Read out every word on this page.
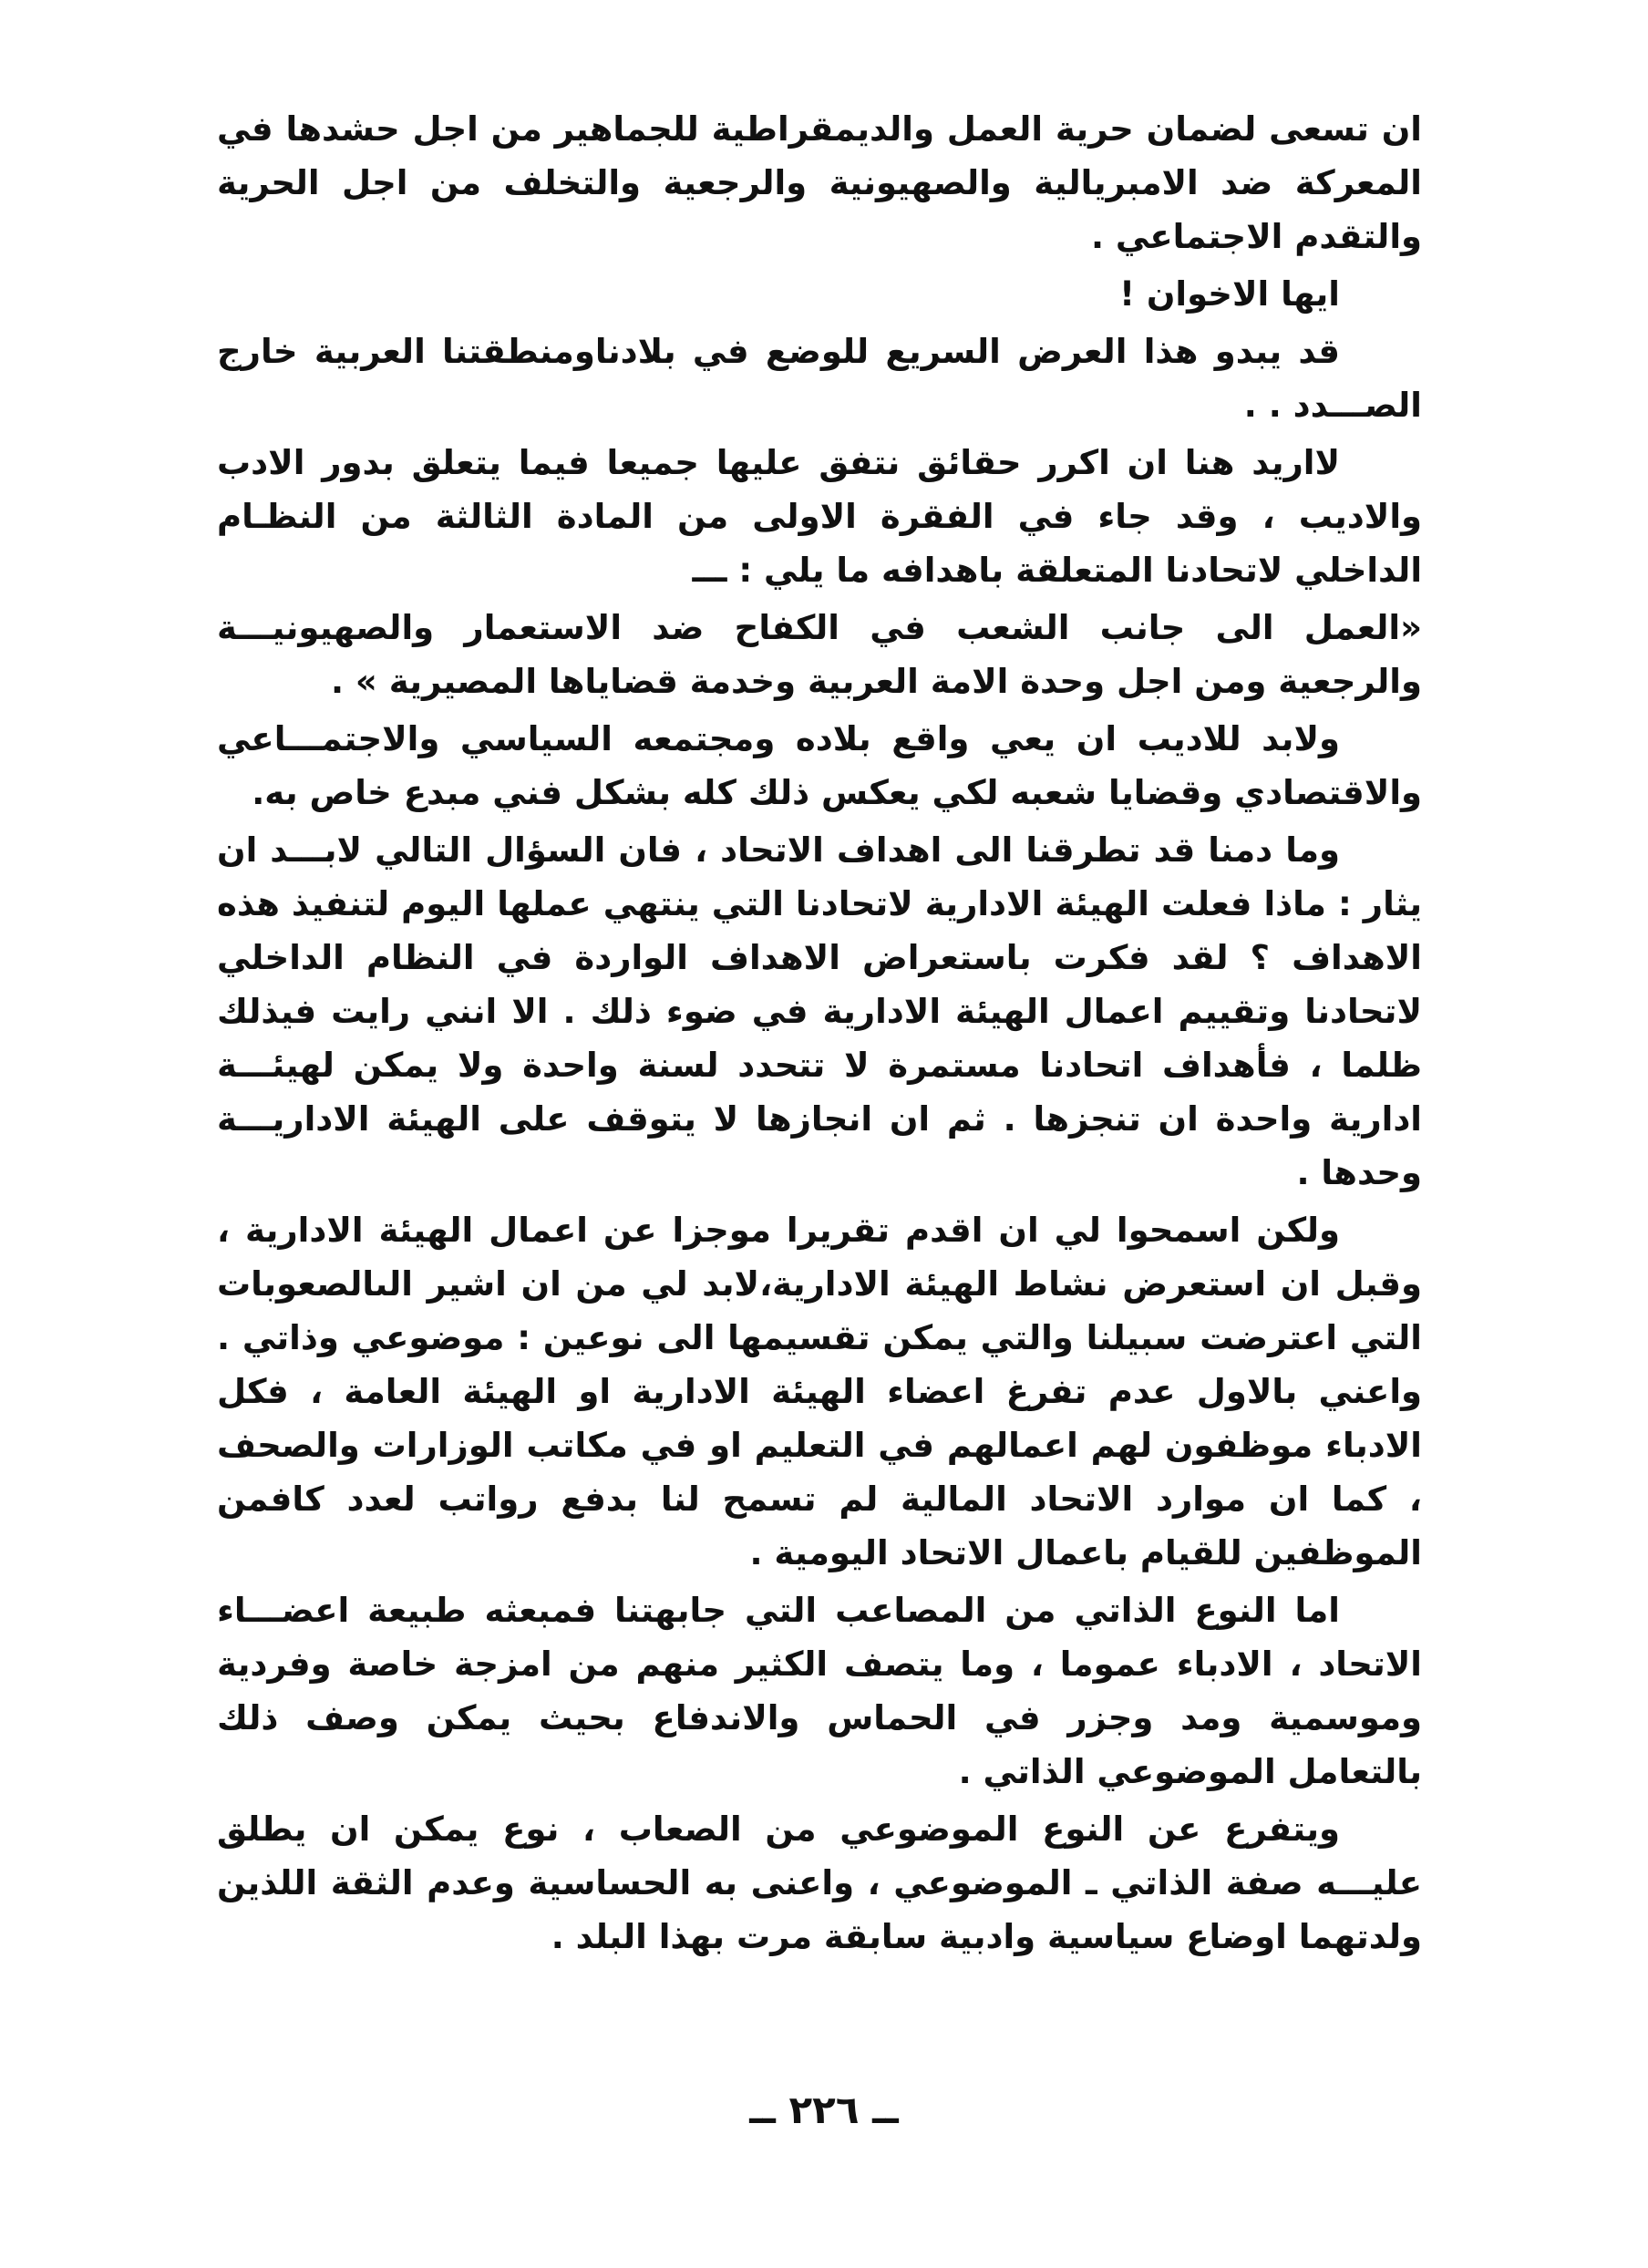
ان تسعى لضمان حرية العمل والديمقراطية للجماهير من اجل حشدها في المعركة ضد الامبريالية والصهيونية والرجعية والتخلف من اجل الحرية والتقدم الاجتماعي .

ايها الاخوان !

قد يبدو هذا العرض السريع للوضع في بلادناومنطقتنا العربية خارج الصـــدد . .

لااريد هنا ان اكرر حقائق نتفق عليها جميعا فيما يتعلق بدور الادب والاديب ، وقد جاء في الفقرة الاولى من المادة الثالثة من النظـام الداخلي لاتحادنا المتعلقة باهدافه ما يلي : ـــ

«العمل الى جانب الشعب في الكفاح ضد الاستعمار والصهيونيـــة والرجعية ومن اجل وحدة الامة العربية وخدمة قضاياها المصيرية » .

ولابد للاديب ان يعي واقع بلاده ومجتمعه السياسي والاجتمـــاعي والاقتصادي وقضايا شعبه لكي يعكس ذلك كله بشكل فني مبدع خاص به.

وما دمنا قد تطرقنا الى اهداف الاتحاد ، فان السؤال التالي لابـــد ان يثار : ماذا فعلت الهيئة الادارية لاتحادنا التي ينتهي عملها اليوم لتنفيذ هذه الاهداف ؟ لقد فكرت باستعراض الاهداف الواردة في النظام الداخلي لاتحادنا وتقييم اعمال الهيئة الادارية في ضوء ذلك . الا انني رايت فيذلك ظلما ، فأهداف اتحادنا مستمرة لا تتحدد لسنة واحدة ولا يمكن لهيئـــة ادارية واحدة ان تنجزها . ثم ان انجازها لا يتوقف على الهيئة الاداريـــة وحدها .

ولكن اسمحوا لي ان اقدم تقريرا موجزا عن اعمال الهيئة الادارية ، وقبل ان استعرض نشاط الهيئة الادارية،لابد لي من ان اشير الىالصعوبات التي اعترضت سبيلنا والتي يمكن تقسيمها الى نوعين : موضوعي وذاتي . واعني بالاول عدم تفرغ اعضاء الهيئة الادارية او الهيئة العامة ، فكل الادباء موظفون لهم اعمالهم في التعليم او في مكاتب الوزارات والصحف ، كما ان موارد الاتحاد المالية لم تسمح لنا بدفع رواتب لعدد كافمن الموظفين للقيام باعمال الاتحاد اليومية .

اما النوع الذاتي من المصاعب التي جابهتنا فمبعثه طبيعة اعضـــاء الاتحاد ، الادباء عموما ، وما يتصف الكثير منهم من امزجة خاصة وفردية وموسمية ومد وجزر في الحماس والاندفاع بحيث يمكن وصف ذلك بالتعامل الموضوعي الذاتي .

ويتفرع عن النوع الموضوعي من الصعاب ، نوع يمكن ان يطلق عليـــه صفة الذاتي ـ الموضوعي ، واعنى به الحساسية وعدم الثقة اللذين ولدتهما اوضاع سياسية وادبية سابقة مرت بهذا البلد .

ــ ٢٢٦ ــ
